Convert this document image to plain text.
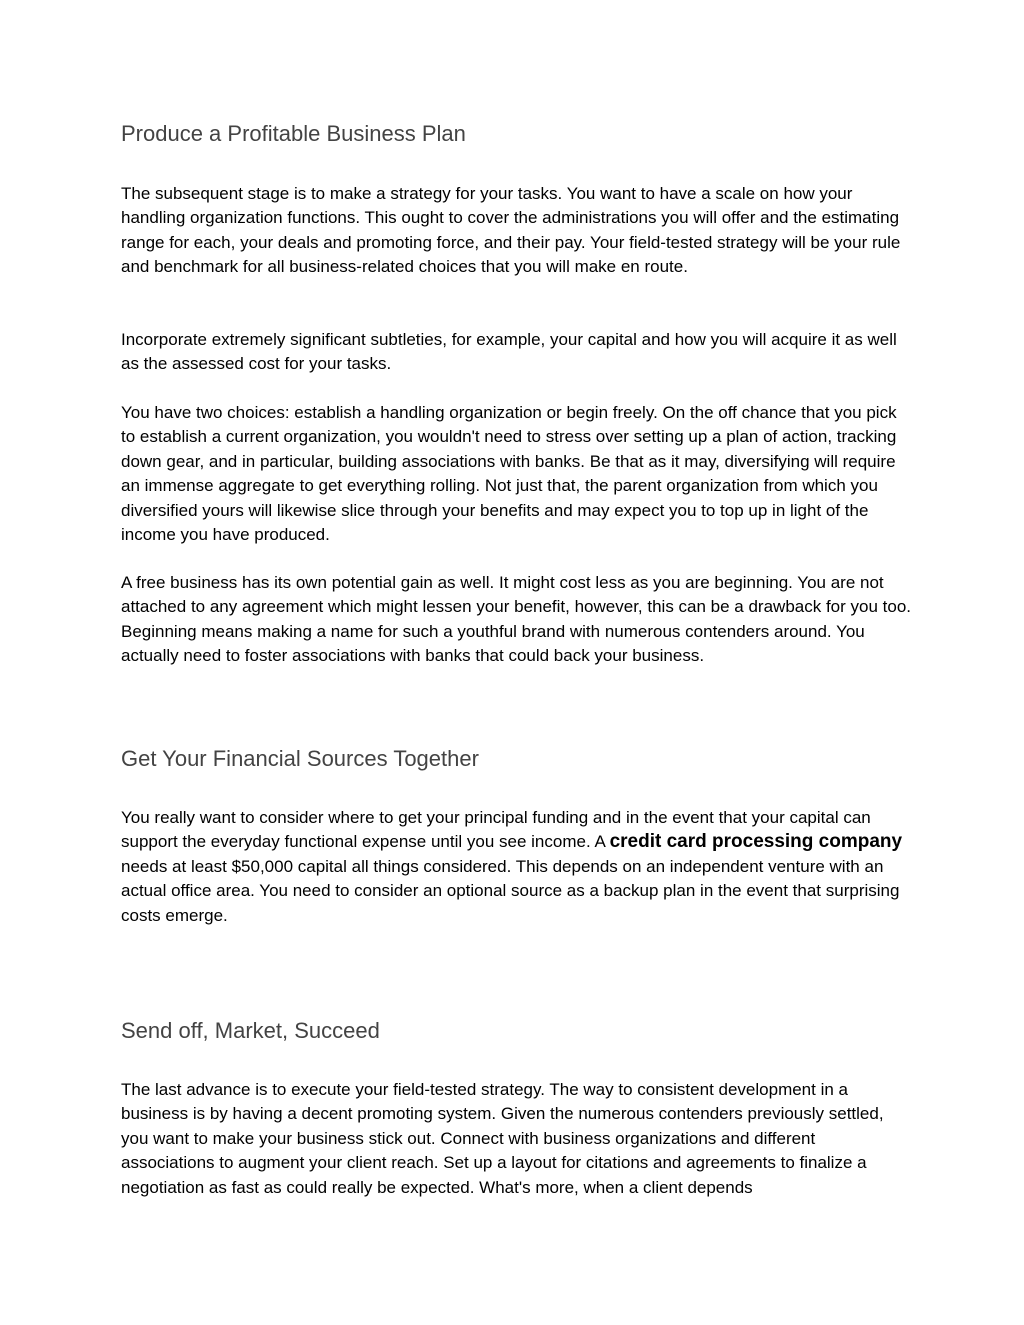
Produce a Profitable Business Plan

The subsequent stage is to make a strategy for your tasks. You want to have a scale on how your handling organization functions. This ought to cover the administrations you will offer and the estimating range for each, your deals and promoting force, and their pay. Your field-tested strategy will be your rule and benchmark for all business-related choices that you will make en route.

Incorporate extremely significant subtleties, for example, your capital and how you will acquire it as well as the assessed cost for your tasks.

You have two choices: establish a handling organization or begin freely. On the off chance that you pick to establish a current organization, you wouldn't need to stress over setting up a plan of action, tracking down gear, and in particular, building associations with banks. Be that as it may, diversifying will require an immense aggregate to get everything rolling. Not just that, the parent organization from which you diversified yours will likewise slice through your benefits and may expect you to top up in light of the income you have produced.

A free business has its own potential gain as well. It might cost less as you are beginning. You are not attached to any agreement which might lessen your benefit, however, this can be a drawback for you too. Beginning means making a name for such a youthful brand with numerous contenders around. You actually need to foster associations with banks that could back your business.

Get Your Financial Sources Together

You really want to consider where to get your principal funding and in the event that your capital can support the everyday functional expense until you see income. A credit card processing company needs at least $50,000 capital all things considered. This depends on an independent venture with an actual office area. You need to consider an optional source as a backup plan in the event that surprising costs emerge.

Send off, Market, Succeed

The last advance is to execute your field-tested strategy. The way to consistent development in a business is by having a decent promoting system. Given the numerous contenders previously settled, you want to make your business stick out. Connect with business organizations and different associations to augment your client reach. Set up a layout for citations and agreements to finalize a negotiation as fast as could really be expected. What's more, when a client depends
